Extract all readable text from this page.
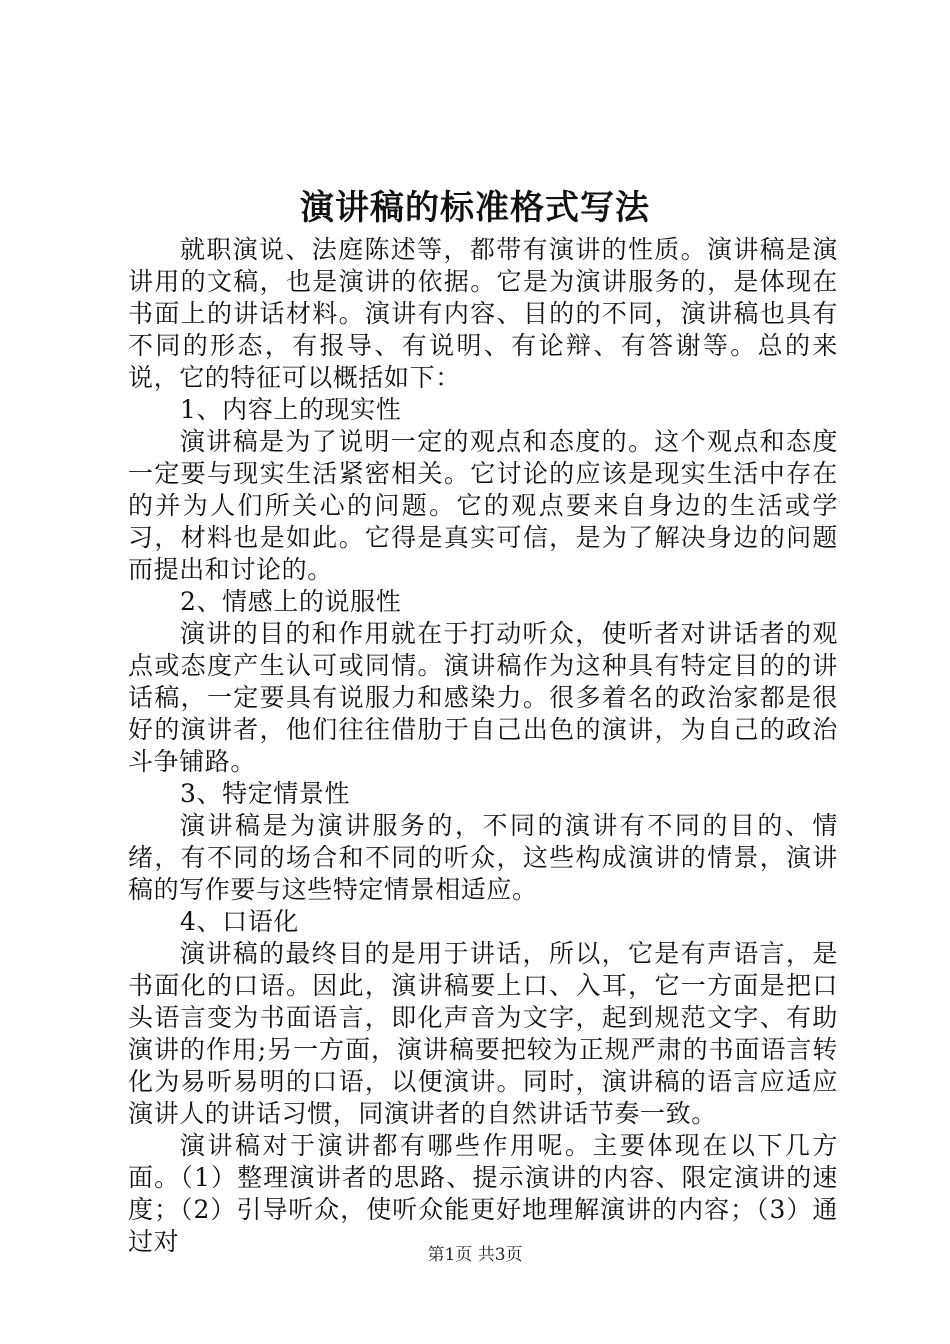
演讲稿的标准格式写法

就职演说、法庭陈述等，都带有演讲的性质。演讲稿是演讲用的文稿，也是演讲的依据。它是为演讲服务的，是体现在书面上的讲话材料。演讲有内容、目的的不同，演讲稿也具有不同的形态，有报导、有说明、有论辩、有答谢等。总的来说，它的特征可以概括如下：

1、内容上的现实性

演讲稿是为了说明一定的观点和态度的。这个观点和态度一定要与现实生活紧密相关。它讨论的应该是现实生活中存在的并为人们所关心的问题。它的观点要来自身边的生活或学习，材料也是如此。它得是真实可信，是为了解决身边的问题而提出和讨论的。

2、情感上的说服性

演讲的目的和作用就在于打动听众，使听者对讲话者的观点或态度产生认可或同情。演讲稿作为这种具有特定目的的讲话稿，一定要具有说服力和感染力。很多着名的政治家都是很好的演讲者，他们往往借肋于自己出色的演讲，为自己的政治斗争铺路。

3、特定情景性

演讲稿是为演讲服务的，不同的演讲有不同的目的、情绪，有不同的场合和不同的听众，这些构成演讲的情景，演讲稿的写作要与这些特定情景相适应。

4、口语化

演讲稿的最终目的是用于讲话，所以，它是有声语言，是书面化的口语。因此，演讲稿要上口、入耳，它一方面是把口头语言变为书面语言，即化声音为文字，起到规范文字、有助演讲的作用;另一方面，演讲稿要把较为正规严肃的书面语言转化为易听易明的口语，以便演讲。同时，演讲稿的语言应适应演讲人的讲话习惯，同演讲者的自然讲话节奏一致。

演讲稿对于演讲都有哪些作用呢。主要体现在以下几方面。（1）整理演讲者的思路、提示演讲的内容、限定演讲的速度；（2）引导听众，使听众能更好地理解演讲的内容；（3）通过对	第1页 共3页
